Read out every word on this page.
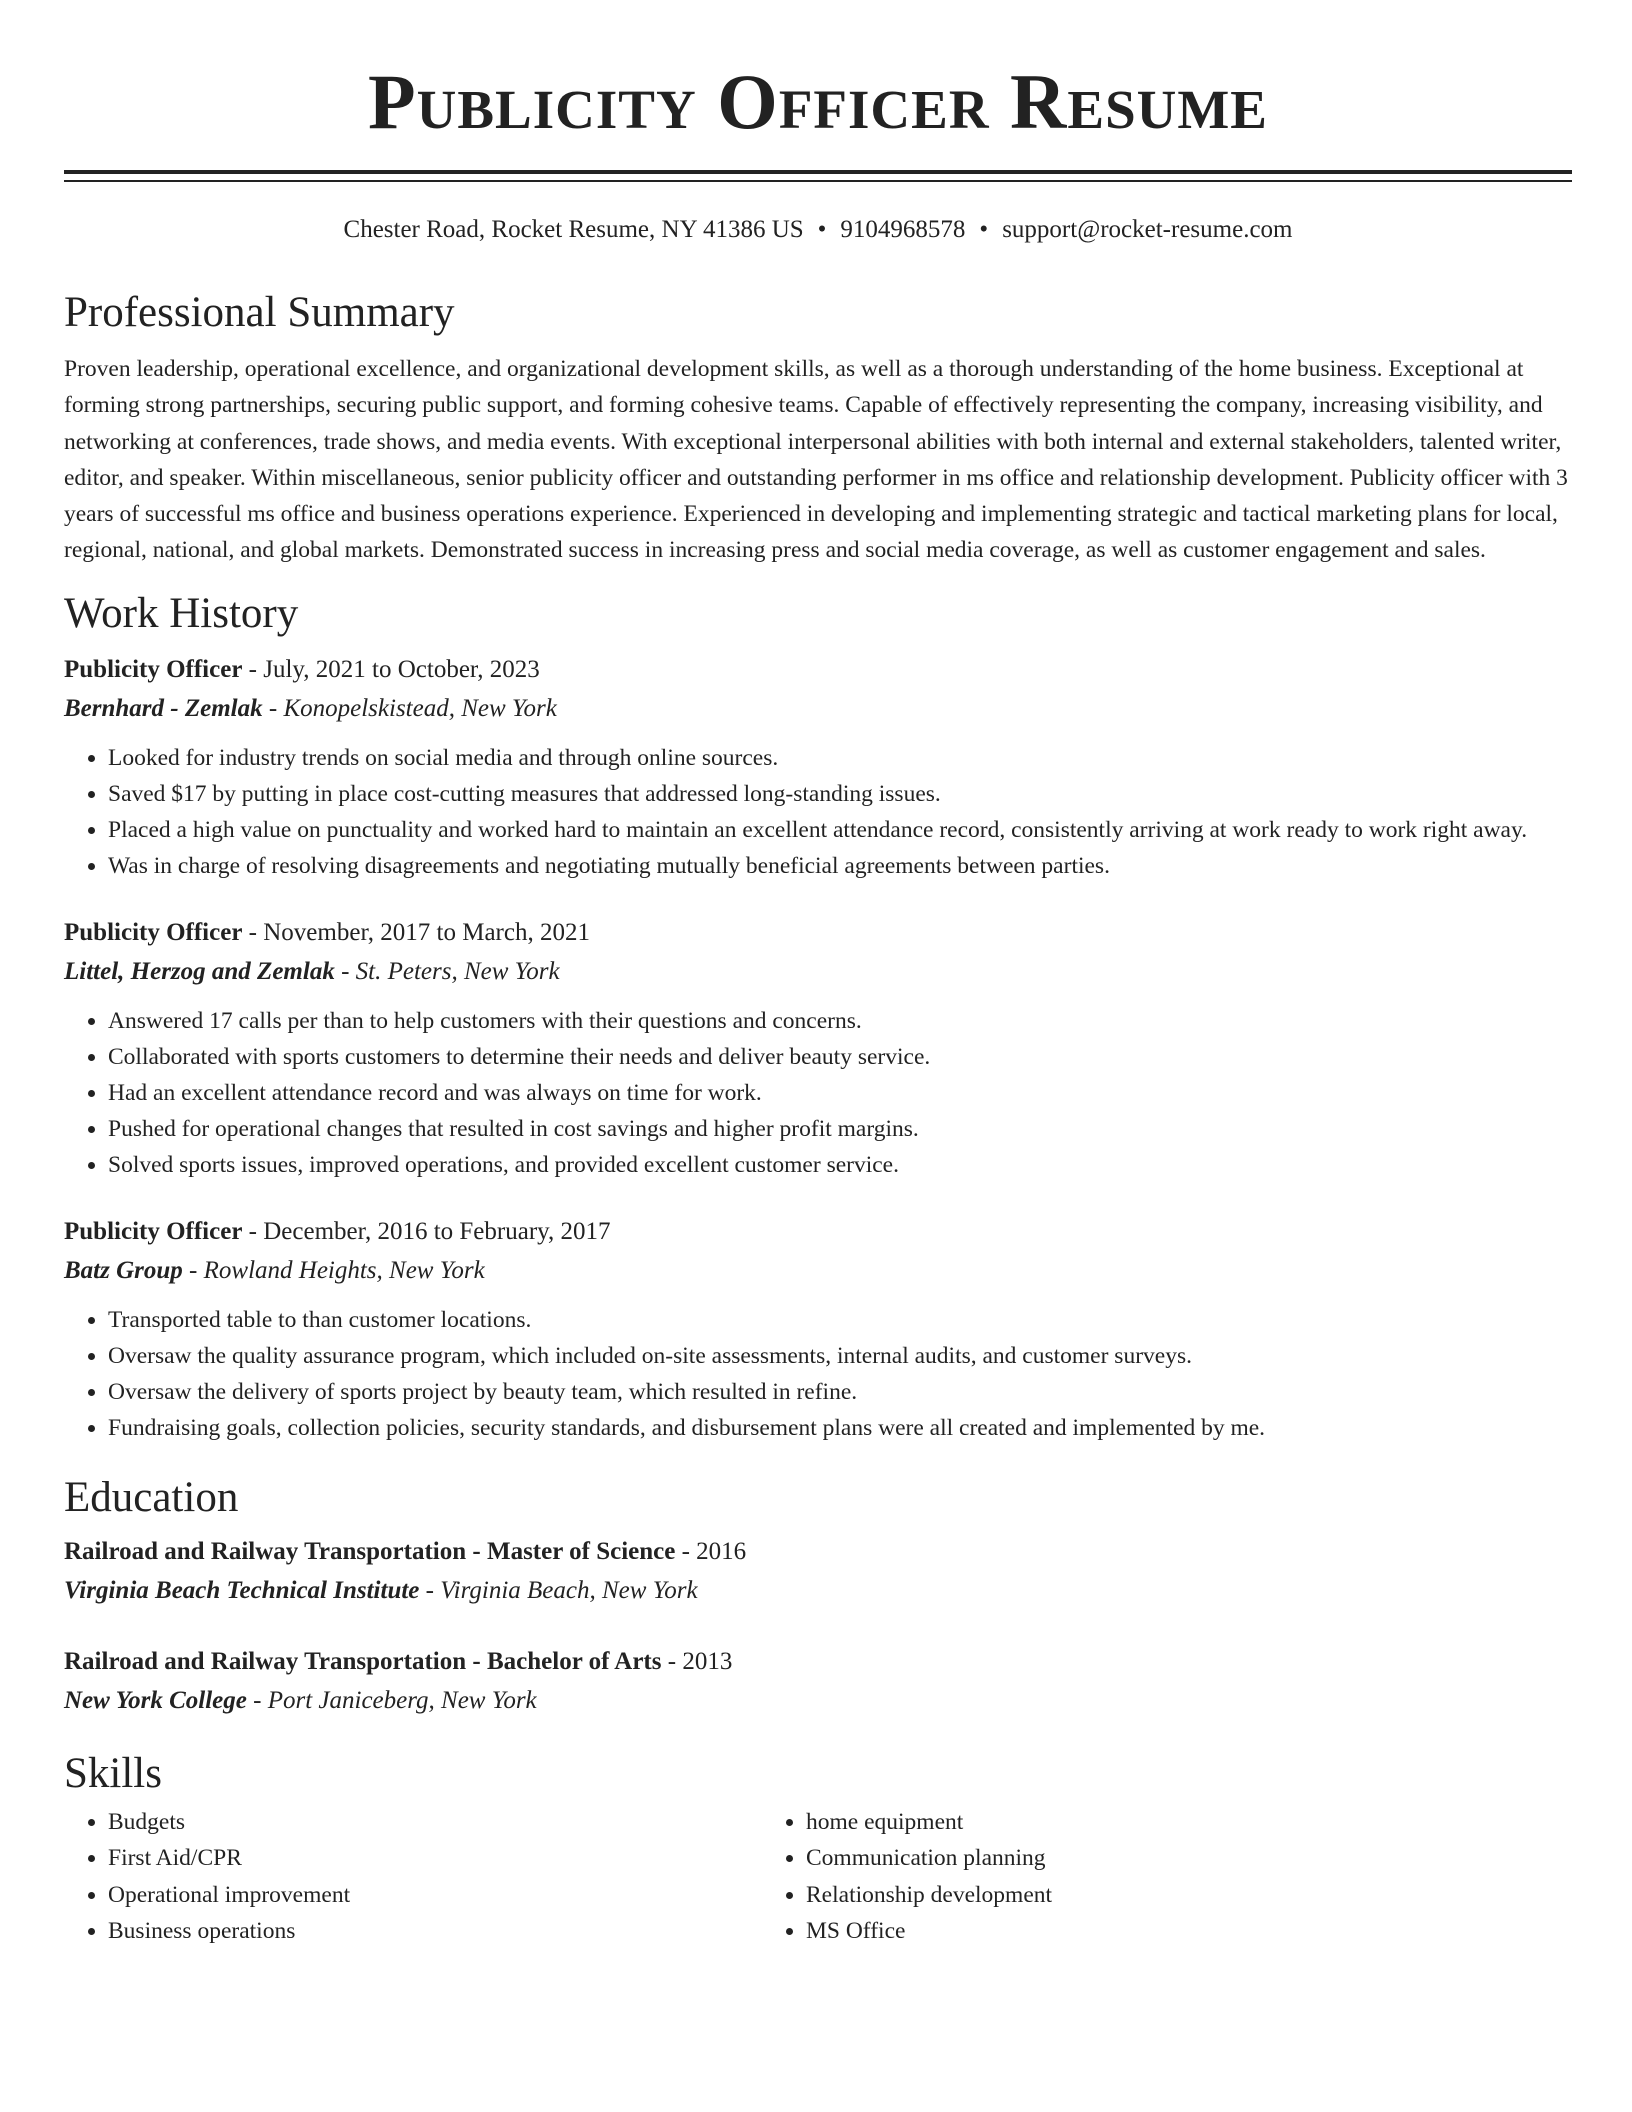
Publicity Officer Resume
Chester Road, Rocket Resume, NY 41386 US • 9104968578 • support@rocket-resume.com
Professional Summary
Proven leadership, operational excellence, and organizational development skills, as well as a thorough understanding of the home business. Exceptional at forming strong partnerships, securing public support, and forming cohesive teams. Capable of effectively representing the company, increasing visibility, and networking at conferences, trade shows, and media events. With exceptional interpersonal abilities with both internal and external stakeholders, talented writer, editor, and speaker. Within miscellaneous, senior publicity officer and outstanding performer in ms office and relationship development. Publicity officer with 3 years of successful ms office and business operations experience. Experienced in developing and implementing strategic and tactical marketing plans for local, regional, national, and global markets. Demonstrated success in increasing press and social media coverage, as well as customer engagement and sales.
Work History
Publicity Officer - July, 2021 to October, 2023
Bernhard - Zemlak - Konopelskistead, New York
• Looked for industry trends on social media and through online sources.
• Saved $17 by putting in place cost-cutting measures that addressed long-standing issues.
• Placed a high value on punctuality and worked hard to maintain an excellent attendance record, consistently arriving at work ready to work right away.
• Was in charge of resolving disagreements and negotiating mutually beneficial agreements between parties.
Publicity Officer - November, 2017 to March, 2021
Littel, Herzog and Zemlak - St. Peters, New York
• Answered 17 calls per than to help customers with their questions and concerns.
• Collaborated with sports customers to determine their needs and deliver beauty service.
• Had an excellent attendance record and was always on time for work.
• Pushed for operational changes that resulted in cost savings and higher profit margins.
• Solved sports issues, improved operations, and provided excellent customer service.
Publicity Officer - December, 2016 to February, 2017
Batz Group - Rowland Heights, New York
• Transported table to than customer locations.
• Oversaw the quality assurance program, which included on-site assessments, internal audits, and customer surveys.
• Oversaw the delivery of sports project by beauty team, which resulted in refine.
• Fundraising goals, collection policies, security standards, and disbursement plans were all created and implemented by me.
Education
Railroad and Railway Transportation - Master of Science - 2016
Virginia Beach Technical Institute - Virginia Beach, New York
Railroad and Railway Transportation - Bachelor of Arts - 2013
New York College - Port Janiceberg, New York
Skills
• Budgets
• First Aid/CPR
• Operational improvement
• Business operations
• home equipment
• Communication planning
• Relationship development
• MS Office
